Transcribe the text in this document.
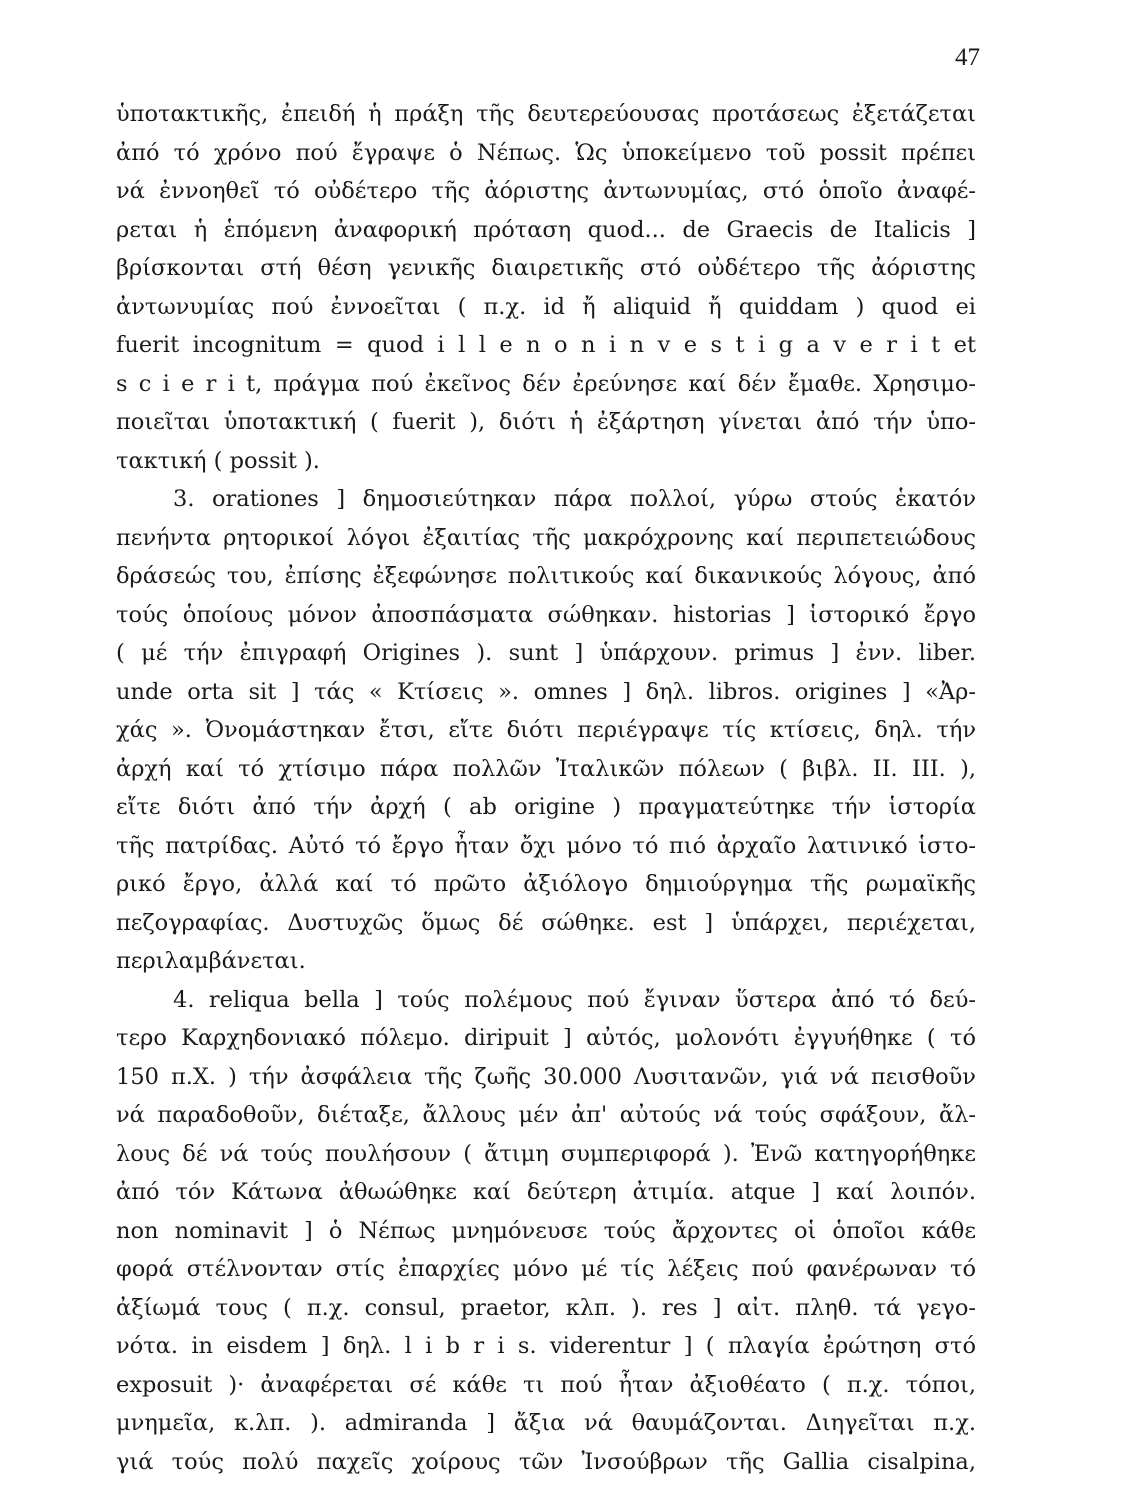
47
ὑποτακτικῆς, ἐπειδή ἡ πράξη τῆς δευτερεύουσας προτάσεως ἐξετάζεται
ἀπό τό χρόνο πού ἔγραψε ὁ Νέπως. Ὡς ὑποκείμενο τοῦ possit πρέπει
νά ἐννοηθεῖ τό οὐδέτερο τῆς ἀόριστης ἀντωνυμίας, στό ὁποῖο ἀναφέ-
ρεται ἡ ἑπόμενη ἀναφορική πρόταση quod... de Graecis de Italicis ]
βρίσκονται στή θέση γενικῆς διαιρετικῆς στό οὐδέτερο τῆς ἀόριστης
ἀντωνυμίας πού ἐννοεῖται ( π.χ. id ἤ aliquid ἤ quiddam ) quod ei
fuerit incognitum = quod i l l e n o n i n v e s t i g a v e r i t et
s c i e r i t, πράγμα πού ἐκεῖνος δέν ἐρεύνησε καί δέν ἔμαθε. Χρησιμο-
ποιεῖται ὑποτακτική ( fuerit ), διότι ἡ ἐξάρτηση γίνεται ἀπό τήν ὑπο-
τακτική ( possit ).
3. orationes ] δημοσιεύτηκαν πάρα πολλοί, γύρω στούς ἑκατόν
πενήντα ρητορικοί λόγοι ἐξαιτίας τῆς μακρόχρονης καί περιπετειώδους
δράσεώς του, ἐπίσης ἐξεφώνησε πολιτικούς καί δικανικούς λόγους, ἀπό
τούς ὁποίους μόνον ἀποσπάσματα σώθηκαν. historias ] ἱστορικό ἔργο
( μέ τήν ἐπιγραφή Origines ). sunt ] ὑπάρχουν. primus ] ἐνν. liber.
unde orta sit ] τάς « Κτίσεις ». omnes ] δηλ. libros. origines ] «Ἀρ-
χάς ». Ὀνομάστηκαν ἔτσι, εἴτε διότι περιέγραψε τίς κτίσεις, δηλ. τήν
ἀρχή καί τό χτίσιμο πάρα πολλῶν Ἰταλικῶν πόλεων ( βιβλ. II. III. ),
εἴτε διότι ἀπό τήν ἀρχή ( ab origine ) πραγματεύτηκε τήν ἱστορία
τῆς πατρίδας. Αὐτό τό ἔργο ἦταν ὄχι μόνο τό πιό ἀρχαῖο λατινικό ἱστο-
ρικό ἔργο, ἀλλά καί τό πρῶτο ἀξιόλογο δημιούργημα τῆς ρωμαϊκῆς
πεζογραφίας. Δυστυχῶς ὅμως δέ σώθηκε. est ] ὑπάρχει, περιέχεται,
περιλαμβάνεται.
4. reliqua bella ] τούς πολέμους πού ἔγιναν ὕστερα ἀπό τό δεύ-
τερο Καρχηδονιακό πόλεμο. diripuit ] αὐτός, μολονότι ἐγγυήθηκε ( τό
150 π.Χ. ) τήν ἀσφάλεια τῆς ζωῆς 30.000 Λυσιτανῶν, γιά νά πεισθοῦν
νά παραδοθοῦν, διέταξε, ἄλλους μέν ἀπ' αὐτούς νά τούς σφάξουν, ἄλ-
λους δέ νά τούς πουλήσουν ( ἄτιμη συμπεριφορά ). Ἐνῶ κατηγορήθηκε
ἀπό τόν Κάτωνα ἀθωώθηκε καί δεύτερη ἀτιμία. atque ] καί λοιπόν.
non nominavit ] ὁ Νέπως μνημόνευσε τούς ἄρχοντες οἱ ὁποῖοι κάθε
φορά στέλνονταν στίς ἐπαρχίες μόνο μέ τίς λέξεις πού φανέρωναν τό
ἀξίωμά τους ( π.χ. consul, praetor, κλπ. ). res ] αἰτ. πληθ. τά γεγο-
νότα. in eisdem ] δηλ. l i b r i s. viderentur ] ( πλαγία ἐρώτηση στό
exposuit )· ἀναφέρεται σέ κάθε τι πού ἦταν ἀξιοθέατο ( π.χ. τόποι,
μνημεῖα, κ.λπ. ). admiranda ] ἄξια νά θαυμάζονται. Διηγεῖται π.χ.
γιά τούς πολύ παχεῖς χοίρους τῶν Ἰνσούβρων τῆς Gallia cisalpina,
